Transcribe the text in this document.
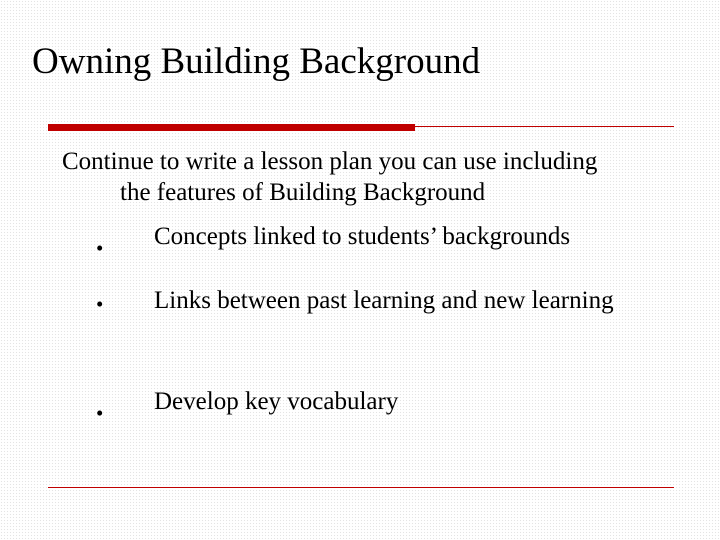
Owning Building Background
Continue to write a lesson plan you can use including
the features of Building Background
• Concepts linked to students’ backgrounds
• Links between past learning and new learning
• Develop key vocabulary
